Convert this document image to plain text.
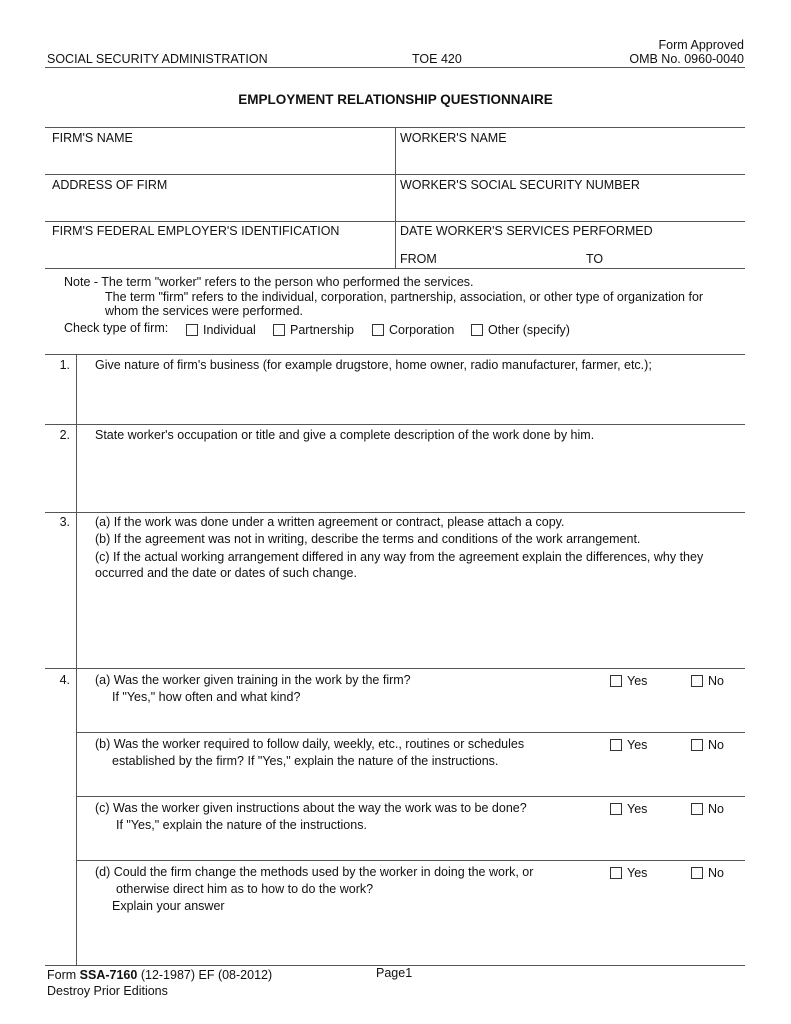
SOCIAL SECURITY ADMINISTRATION	TOE 420
Form Approved
OMB No. 0960-0040
EMPLOYMENT RELATIONSHIP QUESTIONNAIRE
FIRM'S NAME	WORKER'S NAME
ADDRESS OF FIRM	WORKER'S SOCIAL SECURITY NUMBER
FIRM'S FEDERAL EMPLOYER'S IDENTIFICATION	DATE WORKER'S SERVICES PERFORMED
FROM	TO
Note - The term "worker" refers to the person who performed the services.
The term "firm" refers to the individual, corporation, partnership, association, or other type of organization for
whom the services were performed.
Check type of firm:	Individual	Partnership	Corporation	Other (specify)
1. Give nature of firm's business (for example drugstore, home owner, radio manufacturer, farmer, etc.);
2. State worker's occupation or title and give a complete description of the work done by him.
3. (a) If the work was done under a written agreement or contract, please attach a copy.
(b) If the agreement was not in writing, describe the terms and conditions of the work arrangement.
(c) If the actual working arrangement differed in any way from the agreement explain the differences, why they
occurred and the date or dates of such change.
4. (a) Was the worker given training in the work by the firm?
If "Yes," how often and what kind?
Yes	No
(b) Was the worker required to follow daily, weekly, etc., routines or schedules
established by the firm? If "Yes," explain the nature of the instructions.
Yes	No
(c) Was the worker given instructions about the way the work was to be done?
If "Yes," explain the nature of the instructions.
Yes	No
(d) Could the firm change the methods used by the worker in doing the work, or
otherwise direct him as to how to do the work?
Explain your answer
Yes	No
Form SSA-7160 (12-1987) EF (08-2012)	Page1
Destroy Prior Editions
